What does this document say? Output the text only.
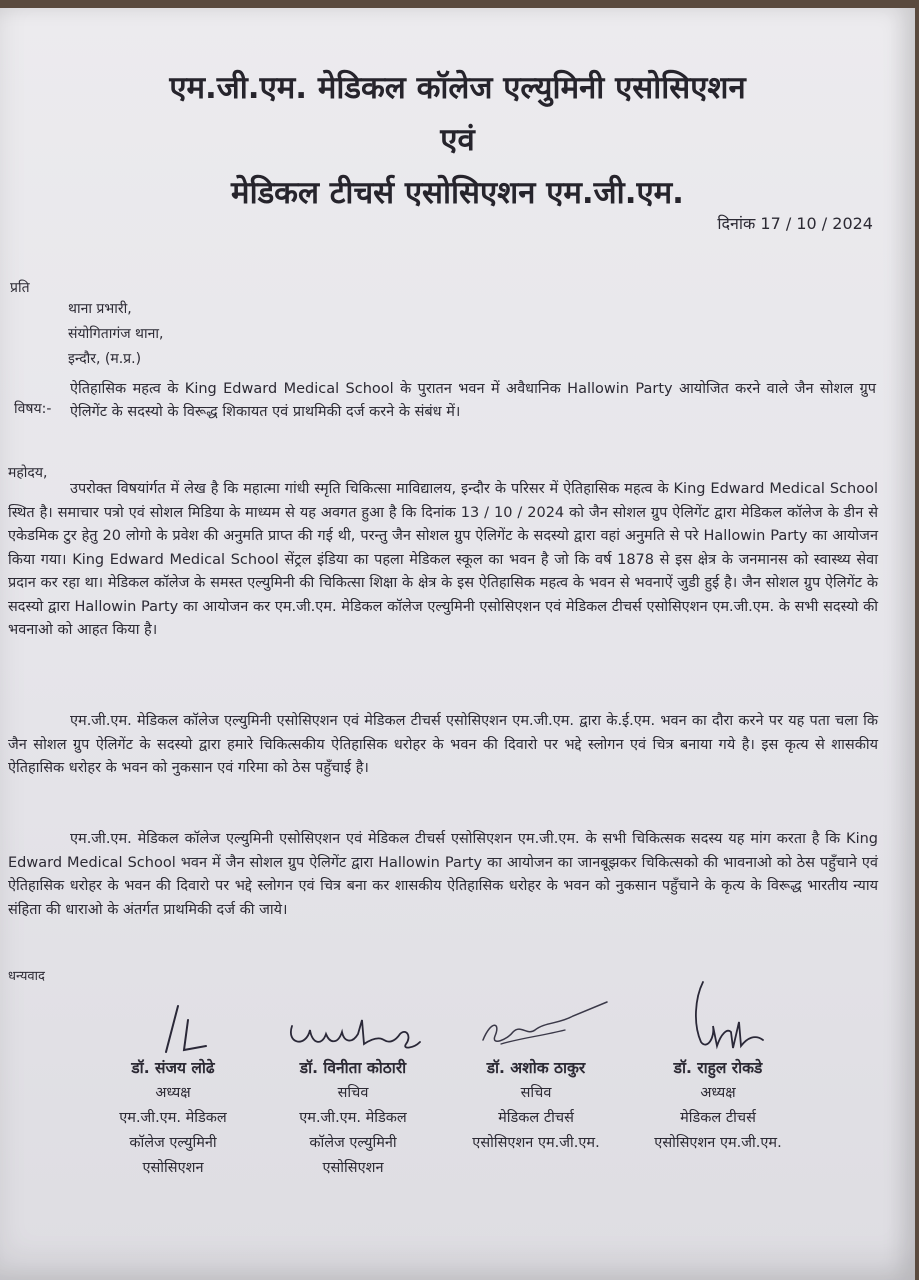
एम.जी.एम. मेडिकल कॉलेज एल्युमिनी एसोसिएशन
एवं
मेडिकल टीचर्स एसोसिएशन एम.जी.एम.

दिनांक 17 / 10 / 2024

प्रति

थाना प्रभारी,

संयोगितागंज थाना,

इन्दौर, (म.प्र.)

विषय:-

ऐतिहासिक महत्व के King Edward Medical School के पुरातन भवन में अवैधानिक Hallowin Party आयोजित करने वाले जैन सोशल ग्रुप ऐलिगेंट के सदस्यो के विरूद्ध शिकायत एवं प्राथमिकी दर्ज करने के संबंध में।

महोदय,

उपरोक्त विषयांर्गत में लेख है कि महात्मा गांधी स्मृति चिकित्सा माविद्यालय, इन्दौर के परिसर में ऐतिहासिक महत्व के King Edward Medical School स्थित है। समाचार पत्रो एवं सोशल मिडिया के माध्यम से यह अवगत हुआ है कि दिनांक 13 / 10 / 2024 को जैन सोशल ग्रुप ऐलिगेंट द्वारा मेडिकल कॉलेज के डीन से एकेडमिक टुर हेतु 20 लोगो के प्रवेश की अनुमति प्राप्त की गई थी, परन्तु जैन सोशल ग्रुप ऐलिगेंट के सदस्यो द्वारा वहां अनुमति से परे Hallowin Party का आयोजन किया गया। King Edward Medical School सेंट्रल इंडिया का पहला मेडिकल स्कूल का भवन है जो कि वर्ष 1878 से इस क्षेत्र के जनमानस को स्वास्थ्य सेवा प्रदान कर रहा था। मेडिकल कॉलेज के समस्त एल्युमिनी की चिकित्सा शिक्षा के क्षेत्र के इस ऐतिहासिक महत्व के भवन से भवनाऐं जुडी हुई है। जैन सोशल ग्रुप ऐलिगेंट के सदस्यो द्वारा Hallowin Party का आयोजन कर एम.जी.एम. मेडिकल कॉलेज एल्युमिनी एसोसिएशन एवं मेडिकल टीचर्स एसोसिएशन एम.जी.एम. के सभी सदस्यो की भवनाओ को आहत किया है।

एम.जी.एम. मेडिकल कॉलेज एल्युमिनी एसोसिएशन एवं मेडिकल टीचर्स एसोसिएशन एम.जी.एम. द्वारा के.ई.एम. भवन का दौरा करने पर यह पता चला कि जैन सोशल ग्रुप ऐलिगेंट के सदस्यो द्वारा हमारे चिकित्सकीय ऐतिहासिक धरोहर के भवन की दिवारो पर भद्दे स्लोगन एवं चित्र बनाया गये है। इस कृत्य से शासकीय ऐतिहासिक धरोहर के भवन को नुकसान एवं गरिमा को ठेस पहुँचाई है।

एम.जी.एम. मेडिकल कॉलेज एल्युमिनी एसोसिएशन एवं मेडिकल टीचर्स एसोसिएशन एम.जी.एम. के सभी चिकित्सक सदस्य यह मांग करता है कि King Edward Medical School भवन में जैन सोशल ग्रुप ऐलिगेंट द्वारा Hallowin Party का आयोजन का जानबूझकर चिकित्सको की भावनाओ को ठेस पहुँचाने एवं ऐतिहासिक धरोहर के भवन की दिवारो पर भद्दे स्लोगन एवं चित्र बना कर शासकीय ऐतिहासिक धरोहर के भवन को नुकसान पहुँचाने के कृत्य के विरूद्ध भारतीय न्याय संहिता की धाराओ के अंतर्गत प्राथमिकी दर्ज की जाये।

धन्यवाद

डॉ. संजय लोढे
अध्यक्ष
एम.जी.एम. मेडिकल
कॉलेज एल्युमिनी
एसोसिएशन
डॉ. विनीता कोठारी
सचिव
एम.जी.एम. मेडिकल
कॉलेज एल्युमिनी
एसोसिएशन
डॉ. अशोक ठाकुर
सचिव
मेडिकल टीचर्स
एसोसिएशन एम.जी.एम.
डॉ. राहुल रोकडे
अध्यक्ष
मेडिकल टीचर्स
एसोसिएशन एम.जी.एम.
